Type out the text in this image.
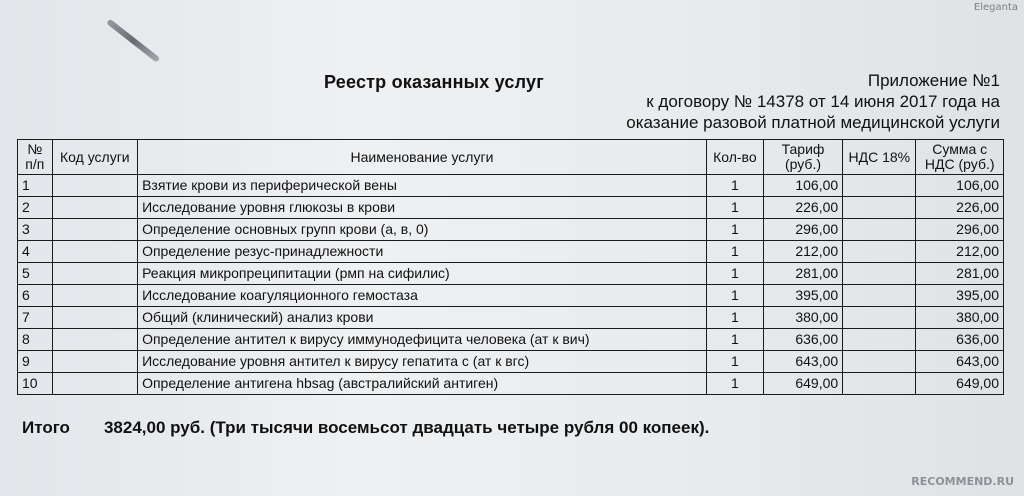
Eleganta
Реестр оказанных услуг	Приложение №1
к договору № 14378 от 14 июня 2017 года на
оказание разовой платной медицинской услуги
№ п/п	Код услуги	Наименование услуги	Кол-во	Тариф (руб.)	НДС 18%	Сумма с НДС (руб.)
1		Взятие крови из периферической вены	1	106,00		106,00
2		Исследование уровня глюкозы в крови	1	226,00		226,00
3		Определение основных групп крови (а, в, 0)	1	296,00		296,00
4		Определение резус-принадлежности	1	212,00		212,00
5		Реакция микропреципитации (рмп на сифилис)	1	281,00		281,00
6		Исследование коагуляционного гемостаза	1	395,00		395,00
7		Общий (клинический) анализ крови	1	380,00		380,00
8		Определение антител к вирусу иммунодефицита человека (ат к вич)	1	636,00		636,00
9		Исследование уровня антител к вирусу гепатита с (ат к вгс)	1	643,00		643,00
10		Определение антигена hbsag (австралийский антиген)	1	649,00		649,00
Итого 3824,00 руб. (Три тысячи восемьсот двадцать четыре рубля 00 копеек).
RECOMMEND.RU
